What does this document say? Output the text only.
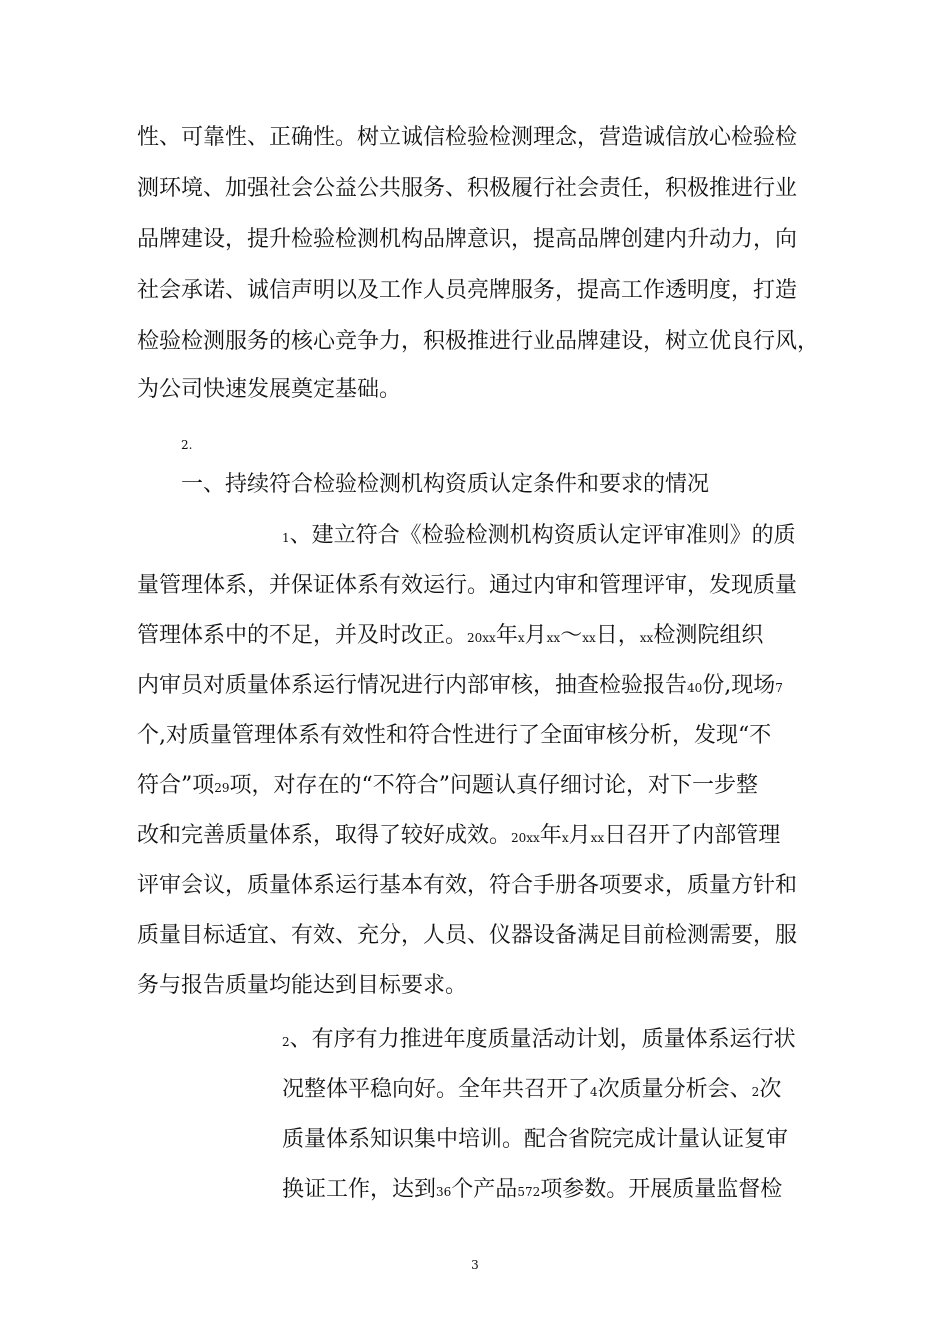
性、可靠性、正确性。树立诚信检验检测理念，营造诚信放心检验检
测环境、加强社会公益公共服务、积极履行社会责任，积极推进行业
品牌建设，提升检验检测机构品牌意识，提高品牌创建内升动力，向
社会承诺、诚信声明以及工作人员亮牌服务，提高工作透明度，打造
检验检测服务的核心竞争力，积极推进行业品牌建设，树立优良行风，
为公司快速发展奠定基础。
2.
一、持续符合检验检测机构资质认定条件和要求的情况
1、建立符合《检验检测机构资质认定评审准则》的质
量管理体系，并保证体系有效运行。通过内审和管理评审，发现质量
管理体系中的不足，并及时改正。20xx年x月xx〜xx日，xx检测院组织
内审员对质量体系运行情况进行内部审核，抽查检验报告40份,现场7
个,对质量管理体系有效性和符合性进行了全面审核分析，发现“不
符合”项29项，对存在的“不符合”问题认真仔细讨论，对下一步整
改和完善质量体系，取得了较好成效。20xx年x月xx日召开了内部管理
评审会议，质量体系运行基本有效，符合手册各项要求，质量方针和
质量目标适宜、有效、充分，人员、仪器设备满足目前检测需要，服
务与报告质量均能达到目标要求。
2、有序有力推进年度质量活动计划，质量体系运行状
况整体平稳向好。全年共召开了4次质量分析会、2次
质量体系知识集中培训。配合省院完成计量认证复审
换证工作，达到36个产品572项参数。开展质量监督检
3
